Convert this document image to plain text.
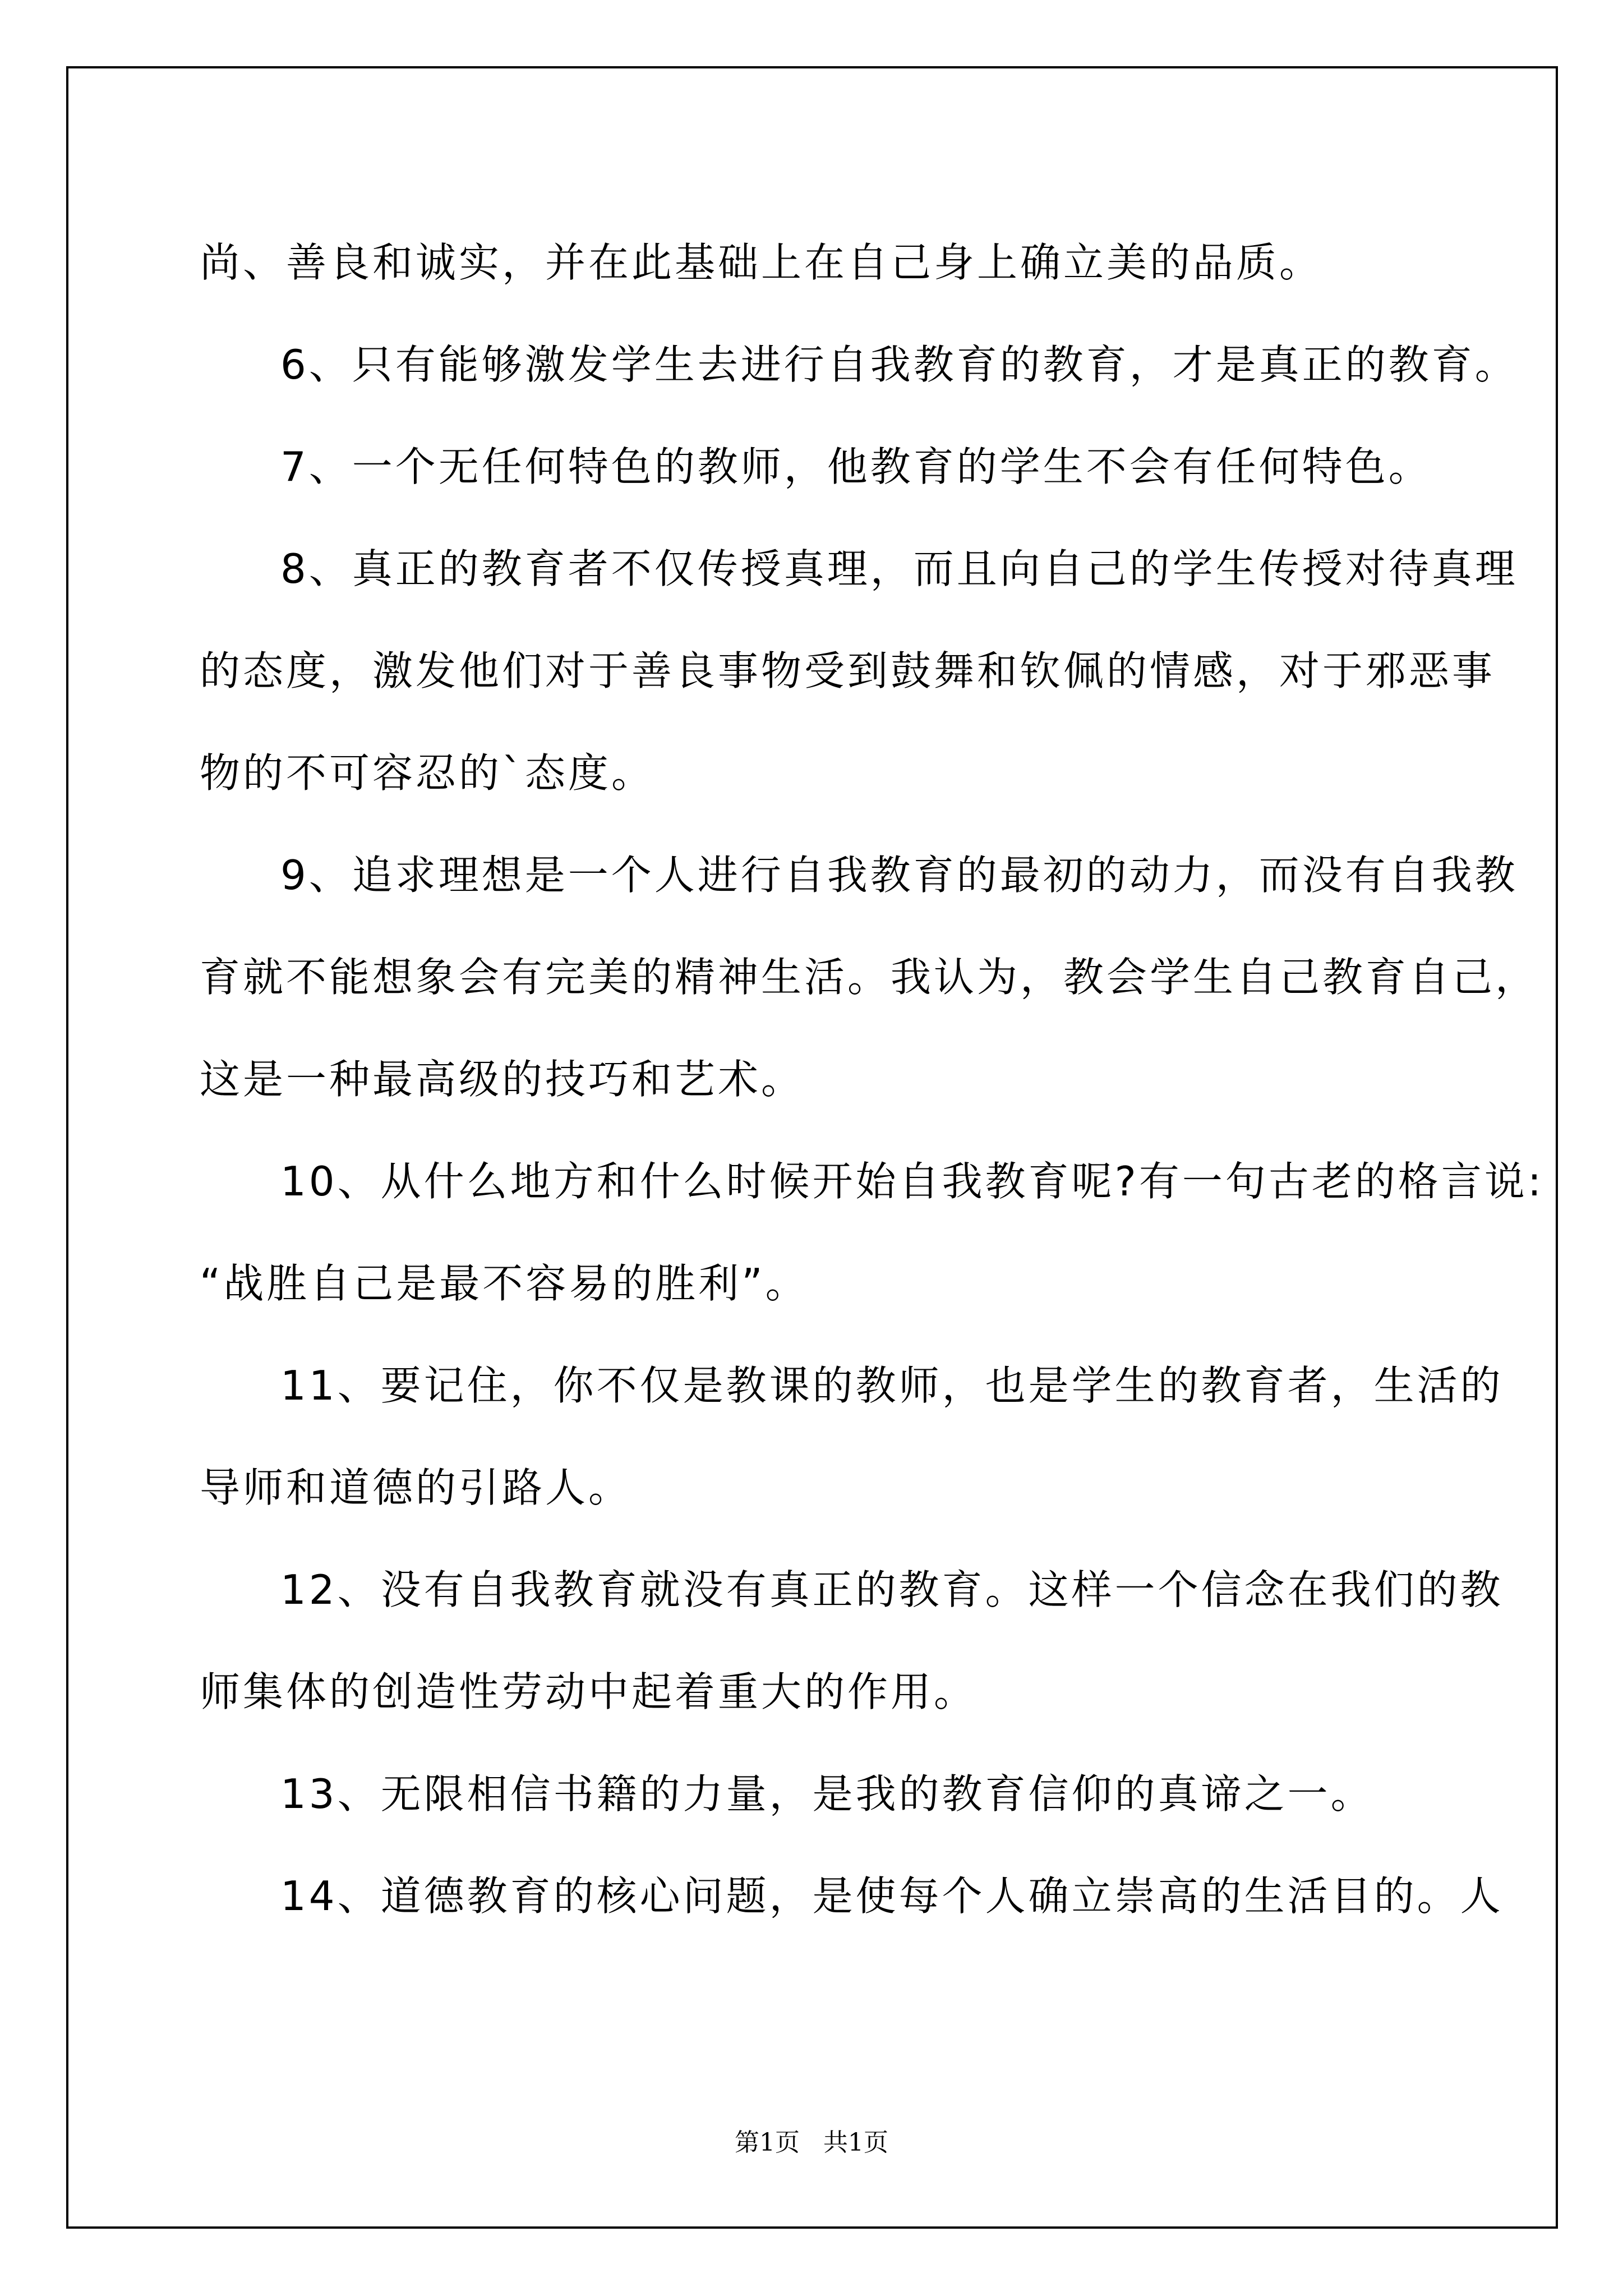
尚、善良和诚实，并在此基础上在自己身上确立美的品质。
6、只有能够激发学生去进行自我教育的教育，才是真正的教育。
7、一个无任何特色的教师，他教育的学生不会有任何特色。
8、真正的教育者不仅传授真理，而且向自己的学生传授对待真理
的态度，激发他们对于善良事物受到鼓舞和钦佩的情感，对于邪恶事
物的不可容忍的`态度。
9、追求理想是一个人进行自我教育的最初的动力，而没有自我教
育就不能想象会有完美的精神生活。我认为，教会学生自己教育自己，
这是一种最高级的技巧和艺术。
10、从什么地方和什么时候开始自我教育呢?有一句古老的格言说:
“战胜自己是最不容易的胜利”。
11、要记住，你不仅是教课的教师，也是学生的教育者，生活的
导师和道德的引路人。
12、没有自我教育就没有真正的教育。这样一个信念在我们的教
师集体的创造性劳动中起着重大的作用。
13、无限相信书籍的力量，是我的教育信仰的真谛之一。
14、道德教育的核心问题，是使每个人确立崇高的生活目的。人
第1页   共1页
